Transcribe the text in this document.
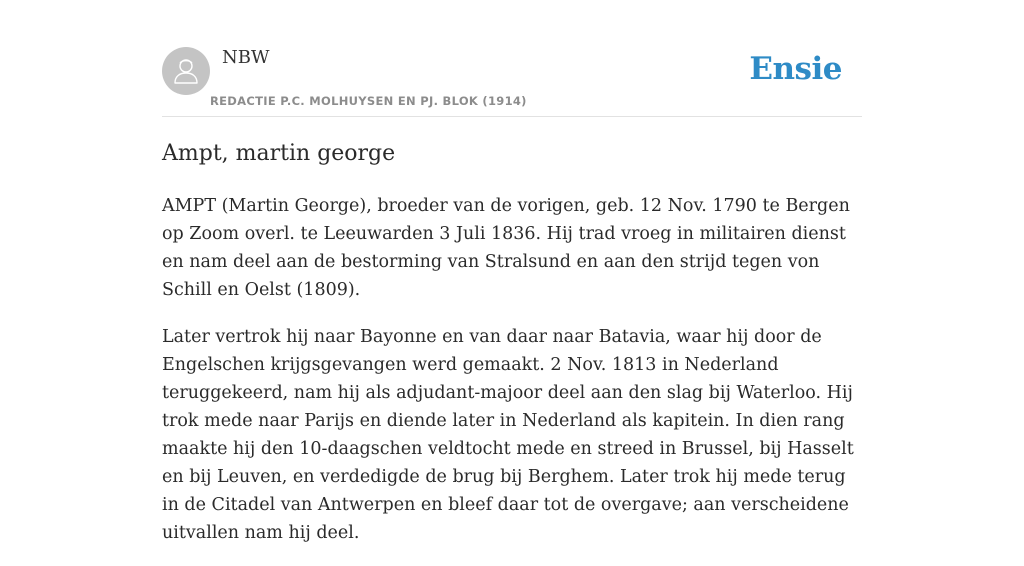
NBW
REDACTIE P.C. MOLHUYSEN EN PJ. BLOK (1914)
Ensie
Ampt, martin george

AMPT (Martin George), broeder van de vorigen, geb. 12 Nov. 1790 te Bergen op Zoom overl. te Leeuwarden 3 Juli 1836. Hij trad vroeg in militairen dienst en nam deel aan de bestorming van Stralsund en aan den strijd tegen von Schill en Oelst (1809).

Later vertrok hij naar Bayonne en van daar naar Batavia, waar hij door de Engelschen krijgsgevangen werd gemaakt. 2 Nov. 1813 in Nederland teruggekeerd, nam hij als adjudant-majoor deel aan den slag bij Waterloo. Hij trok mede naar Parijs en diende later in Nederland als kapitein. In dien rang maakte hij den 10-daagschen veldtocht mede en streed in Brussel, bij Hasselt en bij Leuven, en verdedigde de brug bij Berghem. Later trok hij mede terug in de Citadel van Antwerpen en bleef daar tot de overgave; aan verscheidene uitvallen nam hij deel.
